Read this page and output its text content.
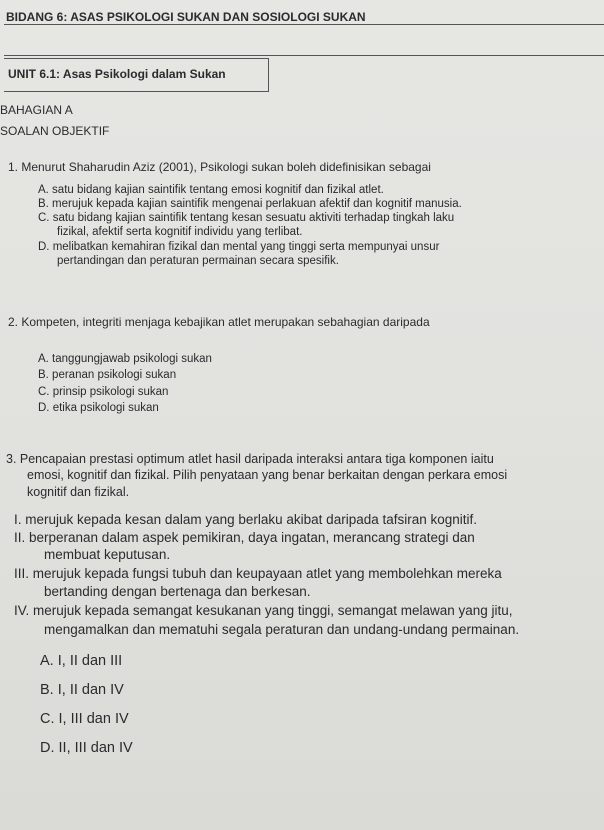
BIDANG 6: ASAS PSIKOLOGI SUKAN DAN SOSIOLOGI SUKAN
UNIT 6.1: Asas Psikologi dalam Sukan
BAHAGIAN A
SOALAN OBJEKTIF
1. Menurut Shaharudin Aziz (2001), Psikologi sukan boleh didefinisikan sebagai
A. satu bidang kajian saintifik tentang emosi kognitif dan fizikal atlet.
B. merujuk kepada kajian saintifik mengenai perlakuan afektif dan kognitif manusia.
C. satu bidang kajian saintifik tentang kesan sesuatu aktiviti terhadap tingkah laku
fizikal, afektif serta kognitif individu yang terlibat.
D. melibatkan kemahiran fizikal dan mental yang tinggi serta mempunyai unsur
pertandingan dan peraturan permainan secara spesifik.
2. Kompeten, integriti menjaga kebajikan atlet merupakan sebahagian daripada
A. tanggungjawab psikologi sukan
B. peranan psikologi sukan
C. prinsip psikologi sukan
D. etika psikologi sukan
3. Pencapaian prestasi optimum atlet hasil daripada interaksi antara tiga komponen iaitu
emosi, kognitif dan fizikal. Pilih penyataan yang benar berkaitan dengan perkara emosi
kognitif dan fizikal.
I. merujuk kepada kesan dalam yang berlaku akibat daripada tafsiran kognitif.
II. berperanan dalam aspek pemikiran, daya ingatan, merancang strategi dan
membuat keputusan.
III. merujuk kepada fungsi tubuh dan keupayaan atlet yang membolehkan mereka
bertanding dengan bertenaga dan berkesan.
IV. merujuk kepada semangat kesukanan yang tinggi, semangat melawan yang jitu,
mengamalkan dan mematuhi segala peraturan dan undang-undang permainan.
A. I, II dan III
B. I, II dan IV
C. I, III dan IV
D. II, III dan IV
